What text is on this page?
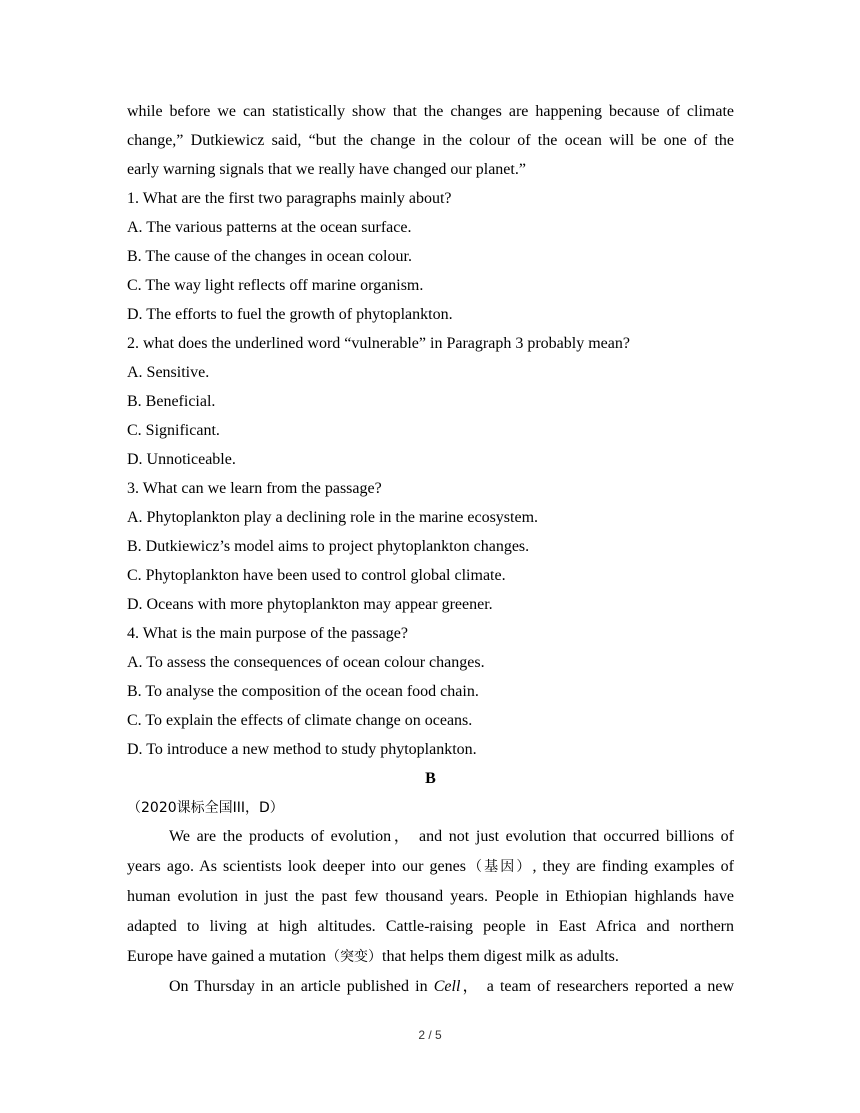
while before we can statistically show that the changes are happening because of climate
change,” Dutkiewicz said, “but the change in the colour of the ocean will be one of the
early warning signals that we really have changed our planet.”
1. What are the first two paragraphs mainly about?
A. The various patterns at the ocean surface.
B. The cause of the changes in ocean colour.
C. The way light reflects off marine organism.
D. The efforts to fuel the growth of phytoplankton.
2. what does the underlined word “vulnerable” in Paragraph 3 probably mean?
A. Sensitive.
B. Beneficial.
C. Significant.
D. Unnoticeable.
3. What can we learn from the passage?
A. Phytoplankton play a declining role in the marine ecosystem.
B. Dutkiewicz’s model aims to project phytoplankton changes.
C. Phytoplankton have been used to control global climate.
D. Oceans with more phytoplankton may appear greener.
4. What is the main purpose of the passage?
A. To assess the consequences of ocean colour changes.
B. To analyse the composition of the ocean food chain.
C. To explain the effects of climate change on oceans.
D. To introduce a new method to study phytoplankton.
B
（2020课标全国III，D）
We are the products of evolution， and not just evolution that occurred billions of
years ago. As scientists look deeper into our genes（基因）, they are finding examples of
human evolution in just the past few thousand years. People in Ethiopian highlands have
adapted to living at high altitudes. Cattle-raising people in East Africa and northern
Europe have gained a mutation（突变）that helps them digest milk as adults.
On Thursday in an article published in Cell， a team of researchers reported a new
2 / 5
